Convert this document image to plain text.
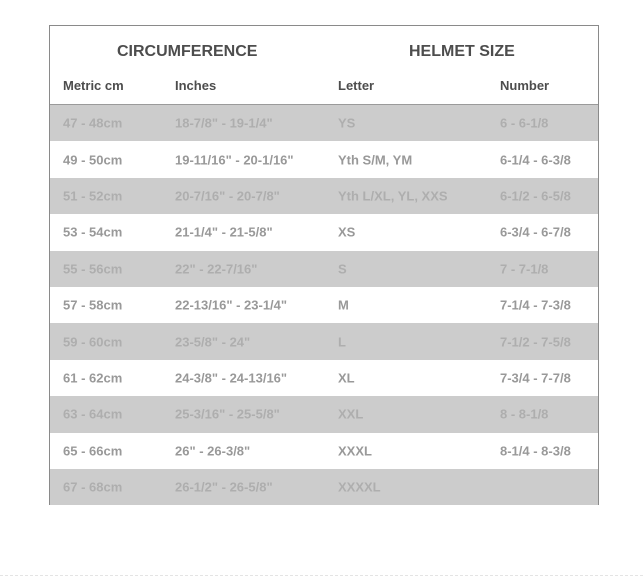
CIRCUMFERENCE	HELMET SIZE
Metric cm	Inches	Letter	Number
47 - 48cm	18-7/8" - 19-1/4"	YS	6 - 6-1/8
49 - 50cm	19-11/16" - 20-1/16"	Yth S/M, YM	6-1/4 - 6-3/8
51 - 52cm	20-7/16" - 20-7/8"	Yth L/XL, YL, XXS	6-1/2 - 6-5/8
53 - 54cm	21-1/4" - 21-5/8"	XS	6-3/4 - 6-7/8
55 - 56cm	22" - 22-7/16"	S	7 - 7-1/8
57 - 58cm	22-13/16" - 23-1/4"	M	7-1/4 - 7-3/8
59 - 60cm	23-5/8" - 24"	L	7-1/2 - 7-5/8
61 - 62cm	24-3/8" - 24-13/16"	XL	7-3/4 - 7-7/8
63 - 64cm	25-3/16" - 25-5/8"	XXL	8 - 8-1/8
65 - 66cm	26" - 26-3/8"	XXXL	8-1/4 - 8-3/8
67 - 68cm	26-1/2" - 26-5/8"	XXXXL
